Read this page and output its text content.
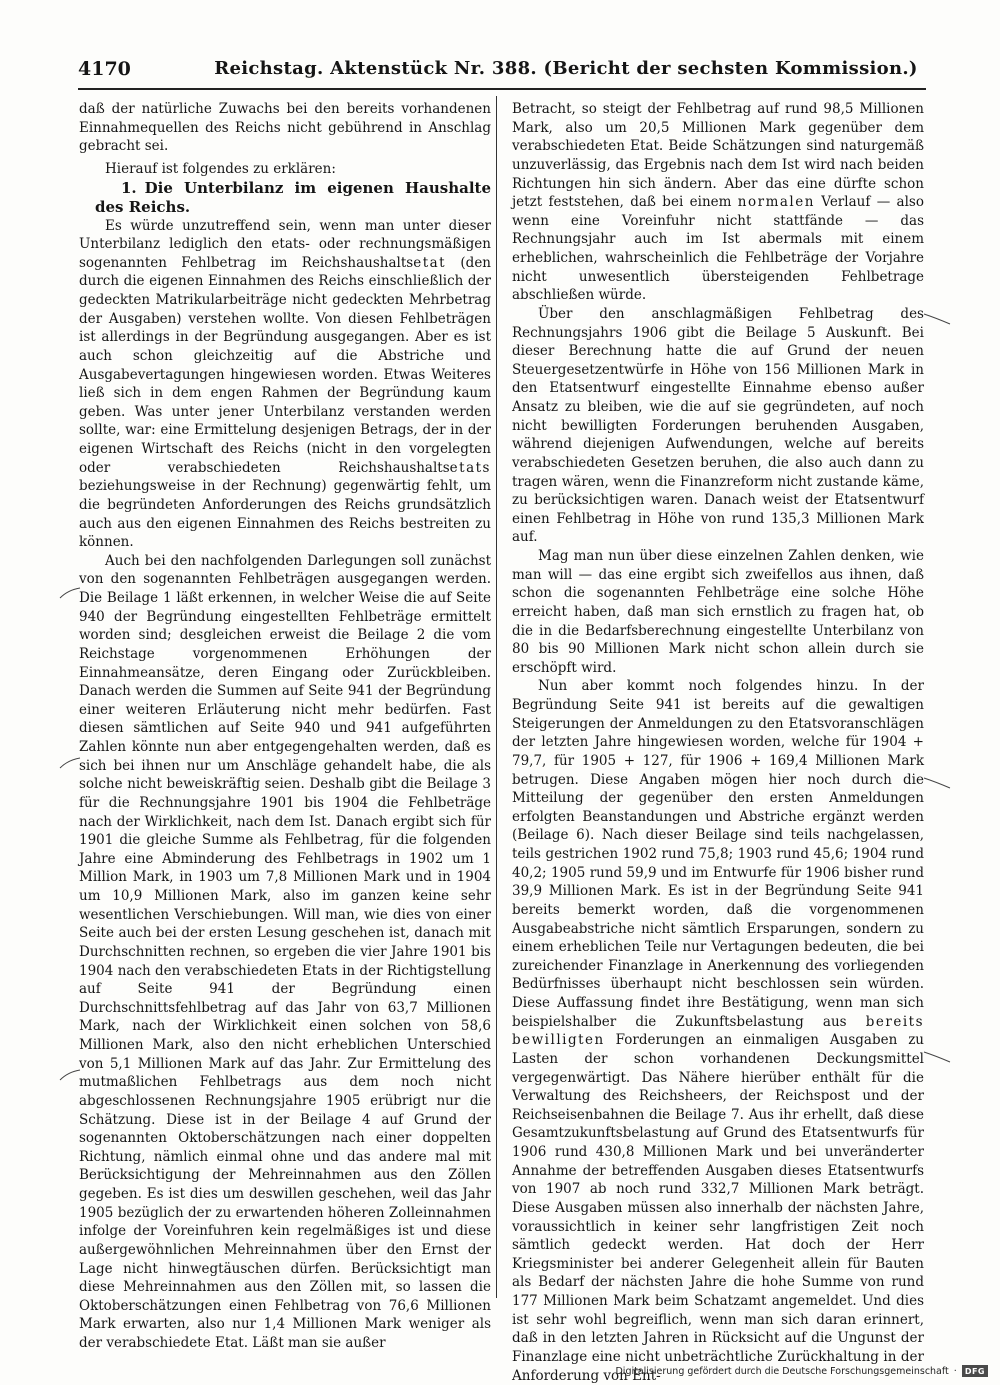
4170	Reichstag. Aktenstück Nr. 388. (Bericht der sechsten Kommission.)

daß der natürliche Zuwachs bei den bereits vorhandenen Einnahmequellen des Reichs nicht gebührend in Anschlag gebracht sei.

Hierauf ist folgendes zu erklären:

1. Die Unterbilanz im eigenen Haushalte des Reichs.

Es würde unzutreffend sein, wenn man unter dieser Unterbilanz lediglich den etats- oder rechnungsmäßigen sogenannten Fehlbetrag im Reichshaushaltsetat (den durch die eigenen Einnahmen des Reichs einschließlich der gedeckten Matrikularbeiträge nicht gedeckten Mehrbetrag der Ausgaben) verstehen wollte. Von diesen Fehlbeträgen ist allerdings in der Begründung ausgegangen. Aber es ist auch schon gleichzeitig auf die Abstriche und Ausgabevertagungen hingewiesen worden. Etwas Weiteres ließ sich in dem engen Rahmen der Begründung kaum geben. Was unter jener Unterbilanz verstanden werden sollte, war: eine Ermittelung desjenigen Betrags, der in der eigenen Wirtschaft des Reichs (nicht in den vorgelegten oder verabschiedeten Reichshaushaltsetats beziehungsweise in der Rechnung) gegenwärtig fehlt, um die begründeten Anforderungen des Reichs grundsätzlich auch aus den eigenen Einnahmen des Reichs bestreiten zu können.

Auch bei den nachfolgenden Darlegungen soll zunächst von den sogenannten Fehlbeträgen ausgegangen werden. Die Beilage 1 läßt erkennen, in welcher Weise die auf Seite 940 der Begründung eingestellten Fehlbeträge ermittelt worden sind; desgleichen erweist die Beilage 2 die vom Reichstage vorgenommenen Erhöhungen der Einnahmeansätze, deren Eingang oder Zurückbleiben. Danach werden die Summen auf Seite 941 der Begründung einer weiteren Erläuterung nicht mehr bedürfen. Fast diesen sämtlichen auf Seite 940 und 941 aufgeführten Zahlen könnte nun aber entgegengehalten werden, daß es sich bei ihnen nur um Anschläge gehandelt habe, die als solche nicht beweiskräftig seien. Deshalb gibt die Beilage 3 für die Rechnungsjahre 1901 bis 1904 die Fehlbeträge nach der Wirklichkeit, nach dem Ist. Danach ergibt sich für 1901 die gleiche Summe als Fehlbetrag, für die folgenden Jahre eine Abminderung des Fehlbetrags in 1902 um 1 Million Mark, in 1903 um 7,8 Millionen Mark und in 1904 um 10,9 Millionen Mark, also im ganzen keine sehr wesentlichen Verschiebungen. Will man, wie dies von einer Seite auch bei der ersten Lesung geschehen ist, danach mit Durchschnitten rechnen, so ergeben die vier Jahre 1901 bis 1904 nach den verabschiedeten Etats in der Richtigstellung auf Seite 941 der Begründung einen Durchschnittsfehlbetrag auf das Jahr von 63,7 Millionen Mark, nach der Wirklichkeit einen solchen von 58,6 Millionen Mark, also den nicht erheblichen Unterschied von 5,1 Millionen Mark auf das Jahr. Zur Ermittelung des mutmaßlichen Fehlbetrags aus dem noch nicht abgeschlossenen Rechnungsjahre 1905 erübrigt nur die Schätzung. Diese ist in der Beilage 4 auf Grund der sogenannten Oktoberschätzungen nach einer doppelten Richtung, nämlich einmal ohne und das andere mal mit Berücksichtigung der Mehreinnahmen aus den Zöllen gegeben. Es ist dies um deswillen geschehen, weil das Jahr 1905 bezüglich der zu erwartenden höheren Zolleinnahmen infolge der Voreinfuhren kein regelmäßiges ist und diese außergewöhnlichen Mehreinnahmen über den Ernst der Lage nicht hinwegtäuschen dürfen. Berücksichtigt man diese Mehreinnahmen aus den Zöllen mit, so lassen die Oktoberschätzungen einen Fehlbetrag von 76,6 Millionen Mark erwarten, also nur 1,4 Millionen Mark weniger als der verabschiedete Etat. Läßt man sie außer

Betracht, so steigt der Fehlbetrag auf rund 98,5 Millionen Mark, also um 20,5 Millionen Mark gegenüber dem verabschiedeten Etat. Beide Schätzungen sind naturgemäß unzuverlässig, das Ergebnis nach dem Ist wird nach beiden Richtungen hin sich ändern. Aber das eine dürfte schon jetzt feststehen, daß bei einem normalen Verlauf — also wenn eine Voreinfuhr nicht stattfände — das Rechnungsjahr auch im Ist abermals mit einem erheblichen, wahrscheinlich die Fehlbeträge der Vorjahre nicht unwesentlich übersteigenden Fehlbetrage abschließen würde.

Über den anschlagmäßigen Fehlbetrag des Rechnungsjahrs 1906 gibt die Beilage 5 Auskunft. Bei dieser Berechnung hatte die auf Grund der neuen Steuergesetzentwürfe in Höhe von 156 Millionen Mark in den Etatsentwurf eingestellte Einnahme ebenso außer Ansatz zu bleiben, wie die auf sie gegründeten, auf noch nicht bewilligten Forderungen beruhenden Ausgaben, während diejenigen Aufwendungen, welche auf bereits verabschiedeten Gesetzen beruhen, die also auch dann zu tragen wären, wenn die Finanzreform nicht zustande käme, zu berücksichtigen waren. Danach weist der Etatsentwurf einen Fehlbetrag in Höhe von rund 135,3 Millionen Mark auf.

Mag man nun über diese einzelnen Zahlen denken, wie man will — das eine ergibt sich zweifellos aus ihnen, daß schon die sogenannten Fehlbeträge eine solche Höhe erreicht haben, daß man sich ernstlich zu fragen hat, ob die in die Bedarfsberechnung eingestellte Unterbilanz von 80 bis 90 Millionen Mark nicht schon allein durch sie erschöpft wird.

Nun aber kommt noch folgendes hinzu. In der Begründung Seite 941 ist bereits auf die gewaltigen Steigerungen der Anmeldungen zu den Etatsvoranschlägen der letzten Jahre hingewiesen worden, welche für 1904 + 79,7, für 1905 + 127, für 1906 + 169,4 Millionen Mark betrugen. Diese Angaben mögen hier noch durch die Mitteilung der gegenüber den ersten Anmeldungen erfolgten Beanstandungen und Abstriche ergänzt werden (Beilage 6). Nach dieser Beilage sind teils nachgelassen, teils gestrichen 1902 rund 75,8; 1903 rund 45,6; 1904 rund 40,2; 1905 rund 59,9 und im Entwurfe für 1906 bisher rund 39,9 Millionen Mark. Es ist in der Begründung Seite 941 bereits bemerkt worden, daß die vorgenommenen Ausgabeabstriche nicht sämtlich Ersparungen, sondern zu einem erheblichen Teile nur Vertagungen bedeuten, die bei zureichender Finanzlage in Anerkennung des vorliegenden Bedürfnisses überhaupt nicht beschlossen sein würden. Diese Auffassung findet ihre Bestätigung, wenn man sich beispielshalber die Zukunftsbelastung aus bereits bewilligten Forderungen an einmaligen Ausgaben zu Lasten der schon vorhandenen Deckungsmittel vergegenwärtigt. Das Nähere hierüber enthält für die Verwaltung des Reichsheers, der Reichspost und der Reichseisenbahnen die Beilage 7. Aus ihr erhellt, daß diese Gesamtzukunftsbelastung auf Grund des Etatsentwurfs für 1906 rund 430,8 Millionen Mark und bei unveränderter Annahme der betreffenden Ausgaben dieses Etatsentwurfs von 1907 ab noch rund 332,7 Millionen Mark beträgt. Diese Ausgaben müssen also innerhalb der nächsten Jahre, voraussichtlich in keiner sehr langfristigen Zeit noch sämtlich gedeckt werden. Hat doch der Herr Kriegsminister bei anderer Gelegenheit allein für Bauten als Bedarf der nächsten Jahre die hohe Summe von rund 177 Millionen Mark beim Schatzamt angemeldet. Und dies ist sehr wohl begreiflich, wenn man sich daran erinnert, daß in den letzten Jahren in Rücksicht auf die Ungunst der Finanzlage eine nicht unbeträchtliche Zurückhaltung in der Anforderung von Ent-

Digitalisierung gefördert durch die Deutsche Forschungsgemeinschaft ·	DFG
